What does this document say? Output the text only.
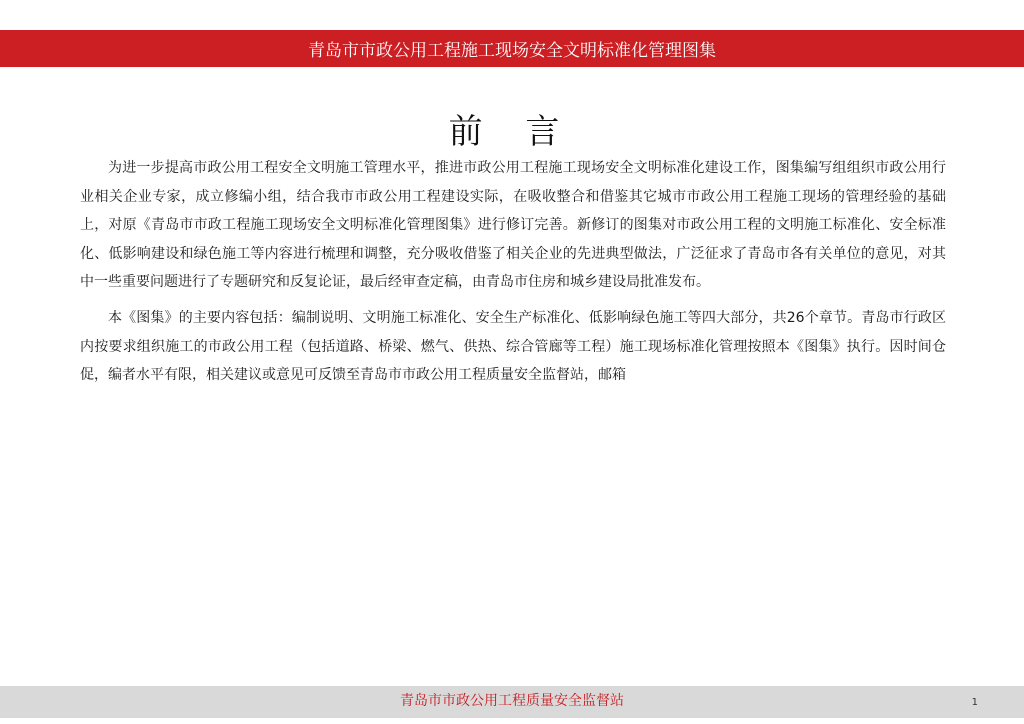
青岛市市政公用工程施工现场安全文明标准化管理图集
前 言

为进一步提高市政公用工程安全文明施工管理水平，推进市政公用工程施工现场安全文明标准化建设工作，图集编写组组织市政公用行业相关企业专家，成立修编小组，结合我市市政公用工程建设实际，在吸收整合和借鉴其它城市市政公用工程施工现场的管理经验的基础上，对原《青岛市市政工程施工现场安全文明标准化管理图集》进行修订完善。新修订的图集对市政公用工程的文明施工标准化、安全标准化、低影响建设和绿色施工等内容进行梳理和调整，充分吸收借鉴了相关企业的先进典型做法，广泛征求了青岛市各有关单位的意见，对其中一些重要问题进行了专题研究和反复论证，最后经审查定稿，由青岛市住房和城乡建设局批准发布。

本《图集》的主要内容包括：编制说明、文明施工标准化、安全生产标准化、低影响绿色施工等四大部分，共26个章节。青岛市行政区内按要求组织施工的市政公用工程（包括道路、桥梁、燃气、供热、综合管廊等工程）施工现场标准化管理按照本《图集》执行。因时间仓促，编者水平有限，相关建议或意见可反馈至青岛市市政公用工程质量安全监督站，邮箱

青岛市市政公用工程质量安全监督站	1
